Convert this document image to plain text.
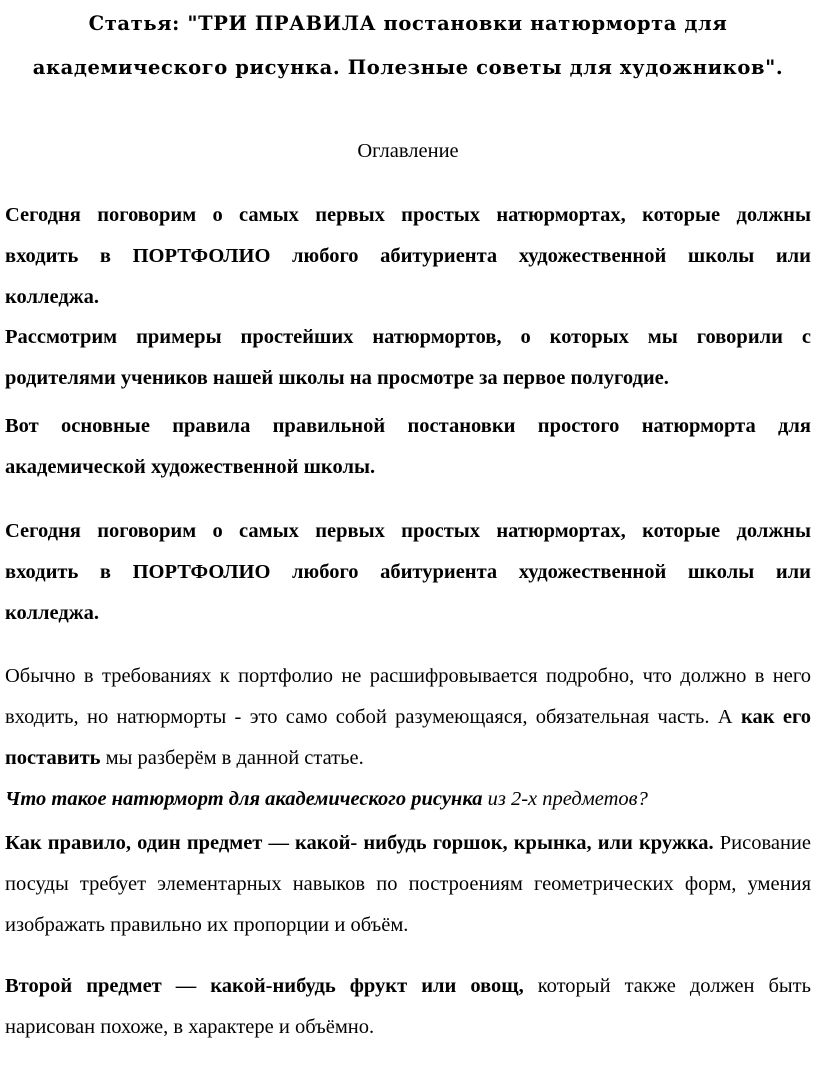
Статья: "ТРИ ПРАВИЛА постановки натюрморта для академического рисунка. Полезные советы для художников".

Оглавление

Сегодня поговорим о самых первых простых натюрмортах, которые должны входить в ПОРТФОЛИО любого абитуриента художественной школы или колледжа.

Рассмотрим примеры простейших натюрмортов, о которых мы говорили с родителями учеников нашей школы на просмотре за первое полугодие.

Вот основные правила правильной постановки простого натюрморта для академической художественной школы.

Сегодня поговорим о самых первых простых натюрмортах, которые должны входить в ПОРТФОЛИО любого абитуриента художественной школы или колледжа.

Обычно в требованиях к портфолио не расшифровывается подробно, что должно в него входить, но натюрморты - это само собой разумеющаяся, обязательная часть. А как его поставить мы разберём в данной статье.

Что такое натюрморт для академического рисунка из 2-х предметов?

Как правило, один предмет — какой- нибудь горшок, крынка, или кружка. Рисование посуды требует элементарных навыков по построениям геометрических форм, умения изображать правильно их пропорции и объём.

Второй предмет — какой-нибудь фрукт или овощ, который также должен быть нарисован похоже, в характере и объёмно.
